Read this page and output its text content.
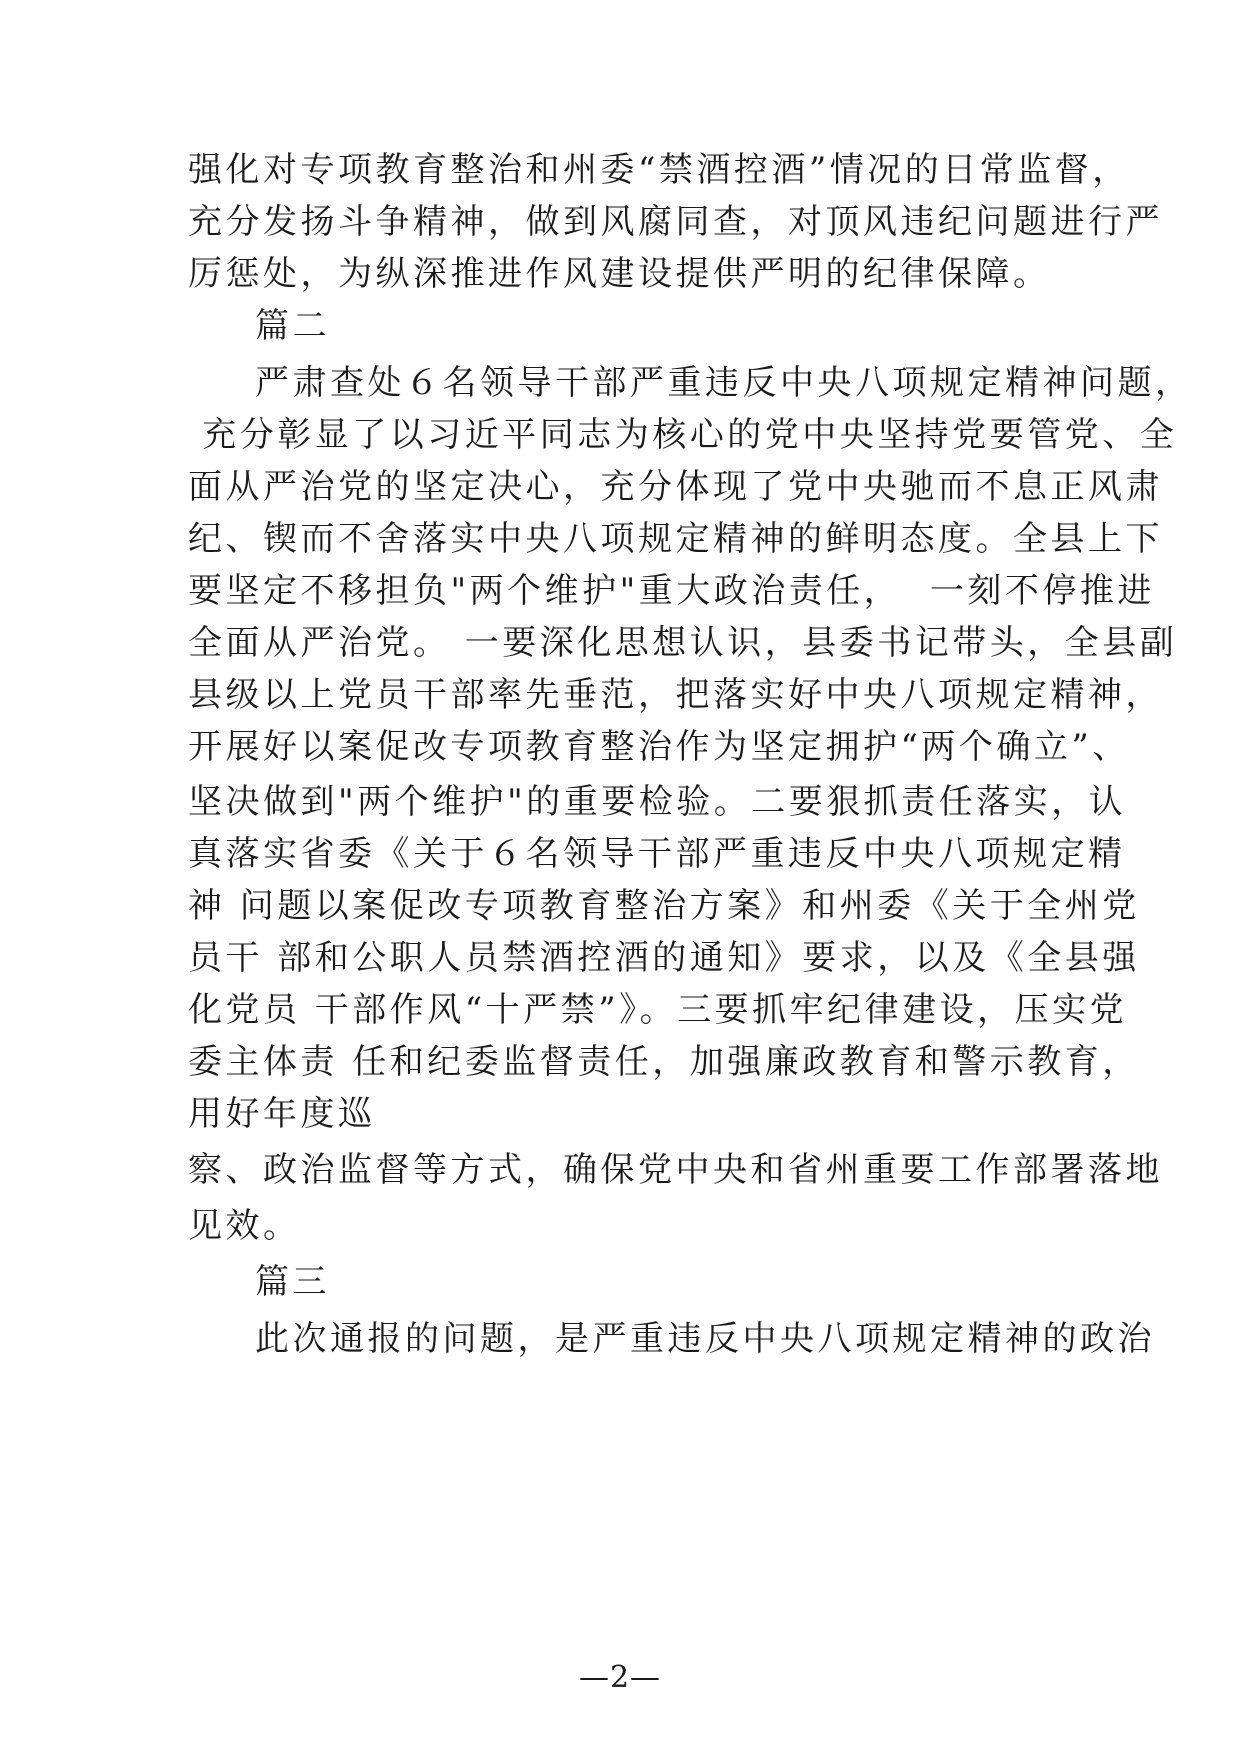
强化对专项教育整治和州委“禁酒控酒”情况的日常监督，
充分发扬斗争精神，做到风腐同查，对顶风违纪问题进行严
厉惩处，为纵深推进作风建设提供严明的纪律保障。
篇二
严肃查处６名领导干部严重违反中央八项规定精神问题，
充分彰显了以习近平同志为核心的党中央坚持党要管党、全
面从严治党的坚定决心，充分体现了党中央驰而不息正风肃
纪、锲而不舍落实中央八项规定精神的鲜明态度。全县上下
要坚定不移担负"两个维护"重大政治责任，  一刻不停推进
全面从严治党。 一要深化思想认识，县委书记带头，全县副
县级以上党员干部率先垂范，把落实好中央八项规定精神，
开展好以案促改专项教育整治作为坚定拥护“两个确立”、
坚决做到"两个维护"的重要检验。二要狠抓责任落实，认
真落实省委《关于６名领导干部严重违反中央八项规定精
神 问题以案促改专项教育整治方案》和州委《关于全州党
员干 部和公职人员禁酒控酒的通知》要求，以及《全县强
化党员 干部作风“十严禁”》。三要抓牢纪律建设，压实党
委主体责 任和纪委监督责任，加强廉政教育和警示教育，
用好年度巡
察、政治监督等方式，确保党中央和省州重要工作部署落地
见效。
篇三
此次通报的问题，是严重违反中央八项规定精神的政治
—2—
